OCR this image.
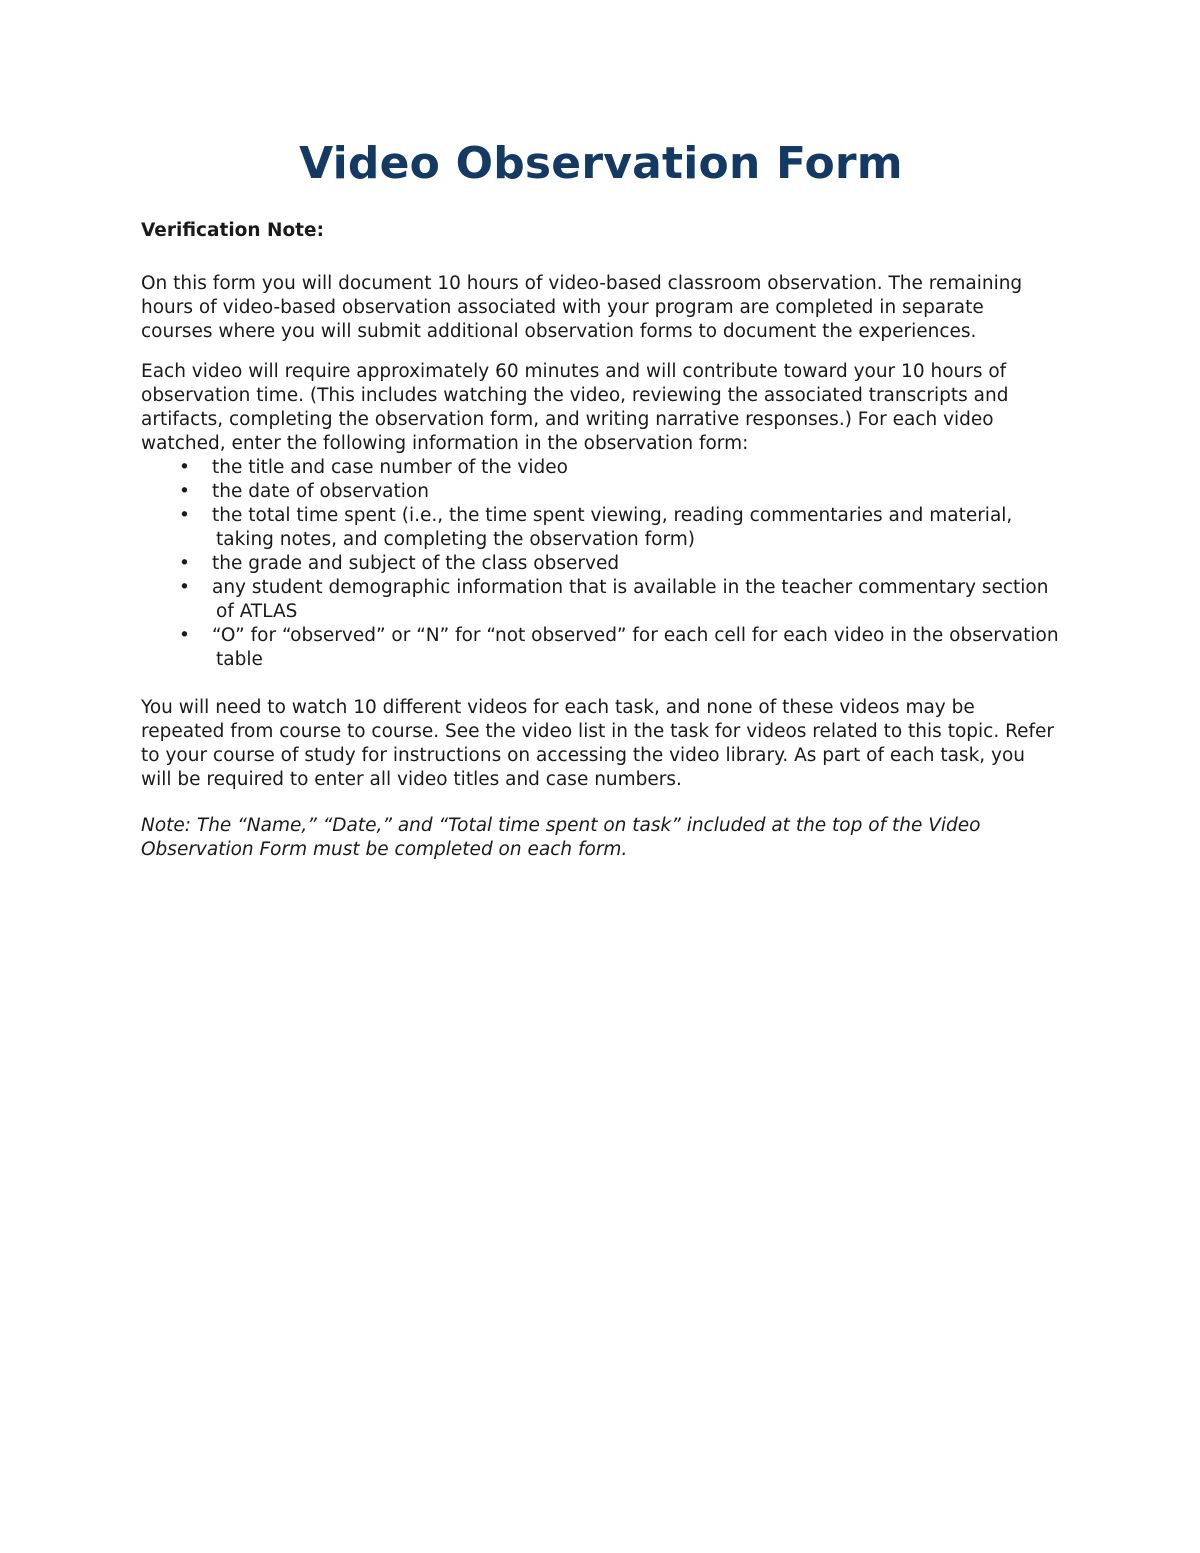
Video Observation Form

Verification Note:

On this form you will document 10 hours of video-based classroom observation. The remaining hours of video-based observation associated with your program are completed in separate courses where you will submit additional observation forms to document the experiences.

Each video will require approximately 60 minutes and will contribute toward your 10 hours of observation time. (This includes watching the video, reviewing the associated transcripts and artifacts, completing the observation form, and writing narrative responses.) For each video watched, enter the following information in the observation form:

• the title and case number of the video
• the date of observation
• the total time spent (i.e., the time spent viewing, reading commentaries and material, taking notes, and completing the observation form)
• the grade and subject of the class observed
• any student demographic information that is available in the teacher commentary section of ATLAS
• “O” for “observed” or “N” for “not observed” for each cell for each video in the observation table

You will need to watch 10 different videos for each task, and none of these videos may be repeated from course to course. See the video list in the task for videos related to this topic. Refer to your course of study for instructions on accessing the video library. As part of each task, you will be required to enter all video titles and case numbers.

Note: The “Name,” “Date,” and “Total time spent on task” included at the top of the Video Observation Form must be completed on each form.
